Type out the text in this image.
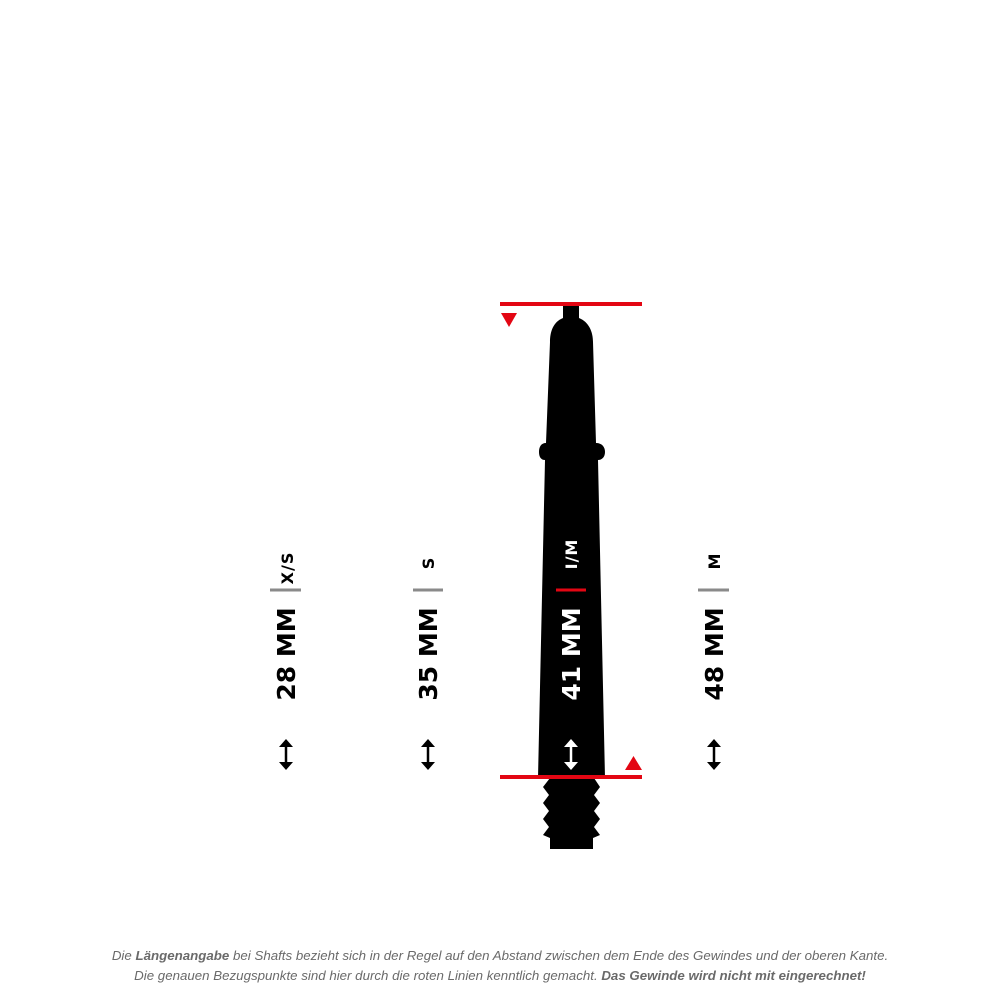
X/S
28 MM
S
35 MM
I/M
41 MM
M
48 MM

Die Längenangabe bei Shafts bezieht sich in der Regel auf den Abstand zwischen dem Ende des Gewindes und der oberen Kante.

Die genauen Bezugspunkte sind hier durch die roten Linien kenntlich gemacht. Das Gewinde wird nicht mit eingerechnet!
